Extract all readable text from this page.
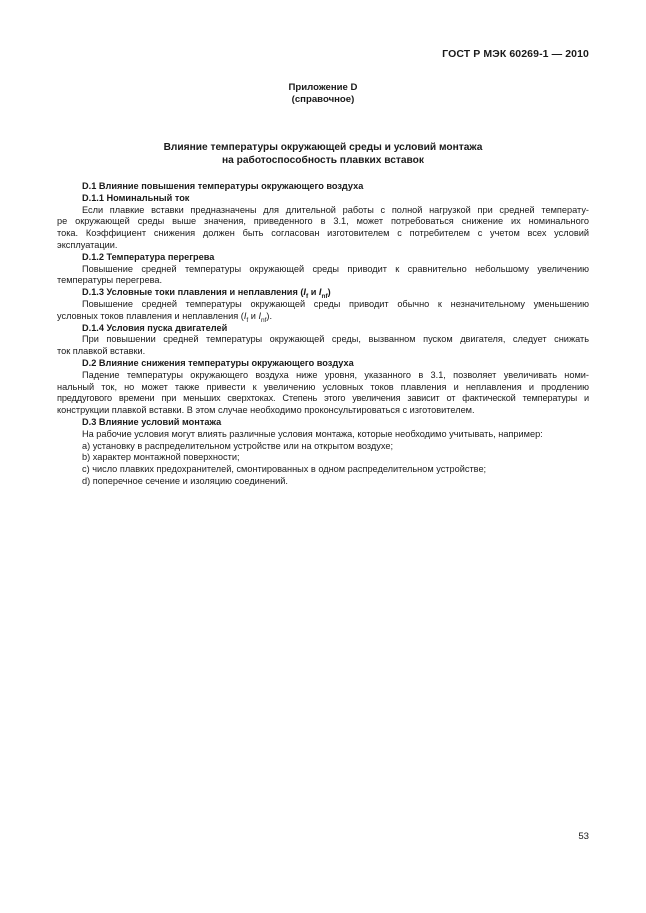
ГОСТ Р МЭК 60269-1 — 2010
Приложение D
(справочное)
Влияние температуры окружающей среды и условий монтажа
на работоспособность плавких вставок
D.1 Влияние повышения температуры окружающего воздуха
D.1.1 Номинальный ток
Если плавкие вставки предназначены для длительной работы с полной нагрузкой при средней температу-
ре окружающей среды выше значения, приведенного в 3.1, может потребоваться снижение их номинального
тока. Коэффициент снижения должен быть согласован изготовителем с потребителем с учетом всех условий
эксплуатации.
D.1.2 Температура перегрева
Повышение средней температуры окружающей среды приводит к сравнительно небольшому увеличению
температуры перегрева.
D.1.3 Условные токи плавления и неплавления ($I_f$ и $I_{nf}$)
Повышение средней температуры окружающей среды приводит обычно к незначительному уменьшению
условных токов плавления и неплавления ($I_f$ и $I_{nf}$).
D.1.4 Условия пуска двигателей
При повышении средней температуры окружающей среды, вызванном пуском двигателя, следует снижать
ток плавкой вставки.
D.2 Влияние снижения температуры окружающего воздуха
Падение температуры окружающего воздуха ниже уровня, указанного в 3.1, позволяет увеличивать номи-
нальный ток, но может также привести к увеличению условных токов плавления и неплавления и продлению
преддугового времени при меньших сверхтоках. Степень этого увеличения зависит от фактической температуры и
конструкции плавкой вставки. В этом случае необходимо проконсультироваться с изготовителем.
D.3 Влияние условий монтажа
На рабочие условия могут влиять различные условия монтажа, которые необходимо учитывать, например:
a) установку в распределительном устройстве или на открытом воздухе;
b) характер монтажной поверхности;
c) число плавких предохранителей, смонтированных в одном распределительном устройстве;
d) поперечное сечение и изоляцию соединений.
53
